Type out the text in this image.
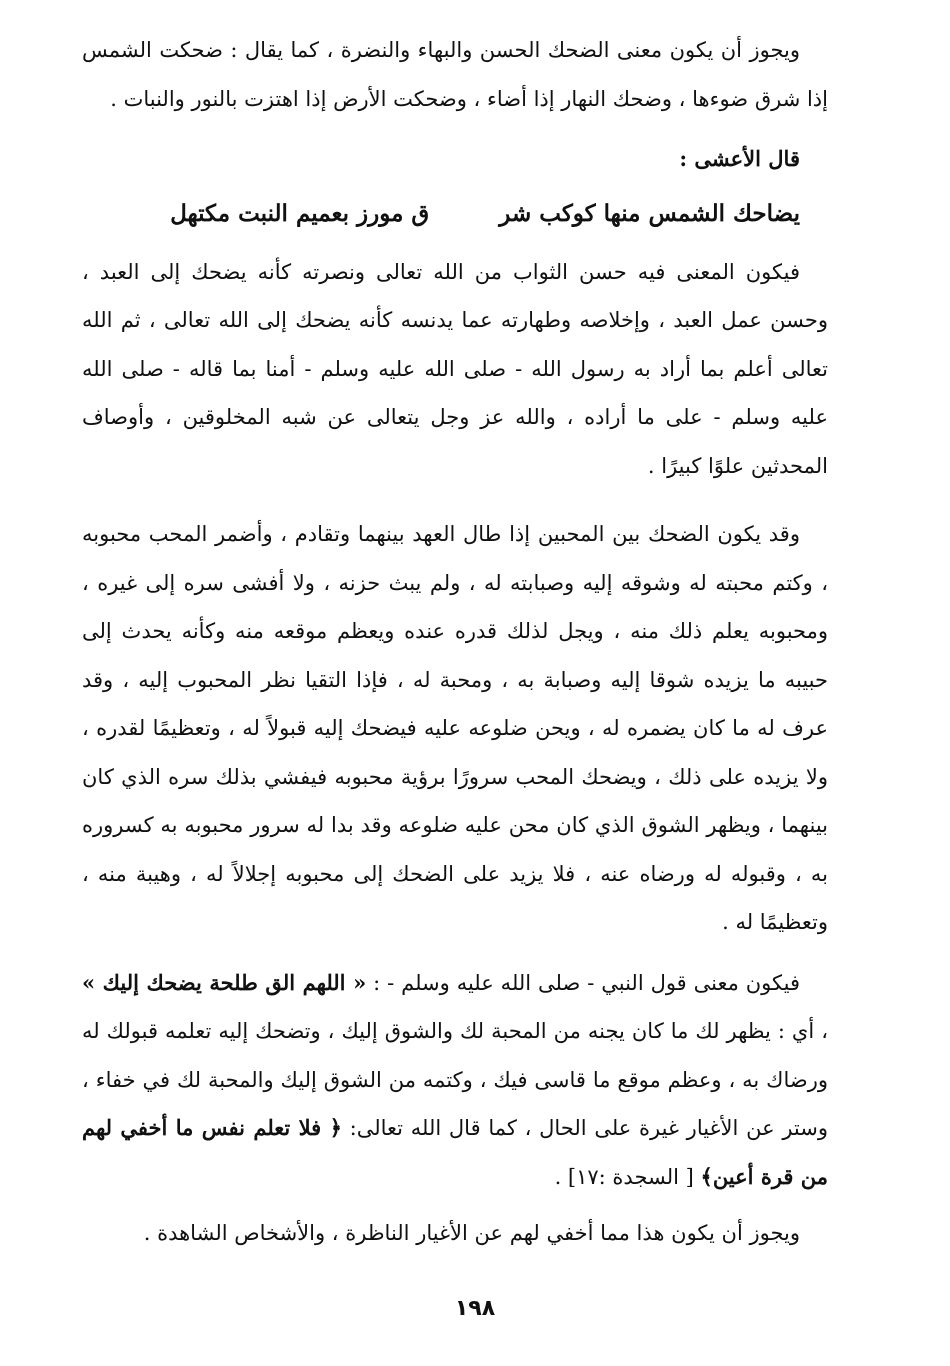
ويجوز أن يكون معنى الضحك الحسن والبهاء والنضرة ، كما يقال : ضحكت الشمس إذا شرق ضوءها ، وضحك النهار إذا أضاء ، وضحكت الأرض إذا اهتزت بالنور والنبات .

قال الأعشى :

يضاحك الشمس منها كوكب شر
ق مورز بعميم النبت مكتهل

فيكون المعنى فيه حسن الثواب من الله تعالى ونصرته كأنه يضحك إلى العبد ، وحسن عمل العبد ، وإخلاصه وطهارته عما يدنسه كأنه يضحك إلى الله تعالى ، ثم الله تعالى أعلم بما أراد به رسول الله - صلى الله عليه وسلم - أمنا بما قاله - صلى الله عليه وسلم - على ما أراده ، والله عز وجل يتعالى عن شبه المخلوقين ، وأوصاف المحدثين علوًا كبيرًا .

وقد يكون الضحك بين المحبين إذا طال العهد بينهما وتقادم ، وأضمر المحب محبوبه ، وكتم محبته له وشوقه إليه وصبابته له ، ولم يبث حزنه ، ولا أفشى سره إلى غيره ، ومحبوبه يعلم ذلك منه ، ويجل لذلك قدره عنده ويعظم موقعه منه وكأنه يحدث إلى حبيبه ما يزيده شوقا إليه وصبابة به ، ومحبة له ، فإذا التقيا نظر المحبوب إليه ، وقد عرف له ما كان يضمره له ، ويحن ضلوعه عليه فيضحك إليه قبولاً له ، وتعظيمًا لقدره ، ولا يزيده على ذلك ، ويضحك المحب سرورًا برؤية محبوبه فيفشي بذلك سره الذي كان بينهما ، ويظهر الشوق الذي كان محن عليه ضلوعه وقد بدا له سرور محبوبه به كسروره به ، وقبوله له ورضاه عنه ، فلا يزيد على الضحك إلى محبوبه إجلالاً له ، وهيبة منه ، وتعظيمًا له .

فيكون معنى قول النبي - صلى الله عليه وسلم - : « اللهم الق طلحة يضحك إليك » ، أي : يظهر لك ما كان يجنه من المحبة لك والشوق إليك ، وتضحك إليه تعلمه قبولك له ورضاك به ، وعظم موقع ما قاسى فيك ، وكتمه من الشوق إليك والمحبة لك في خفاء ، وستر عن الأغيار غيرة على الحال ، كما قال الله تعالى: ﴿ فلا تعلم نفس ما أخفي لهم من قرة أعين﴾ [ السجدة :١٧] .

ويجوز أن يكون هذا مما أخفي لهم عن الأغيار الناظرة ، والأشخاص الشاهدة .

١٩٨
